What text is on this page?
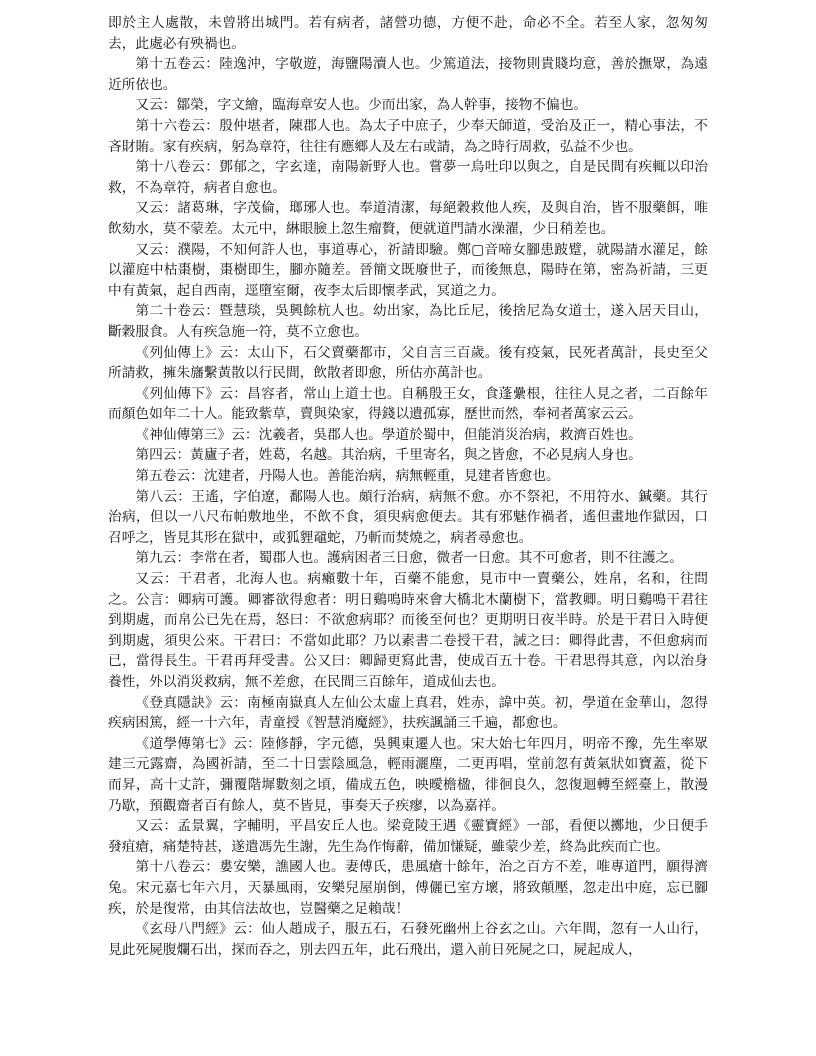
即於主人處散，未曾將出城門。若有病者，諸營功德，方便不赴，命必不全。若至人家，忽匆匆去，此處必有殃禍也。

第十五卷云：陸逸沖，字敬遊，海鹽陽瀆人也。少篤道法，接物則貴賤均意，善於撫眾，為遠近所依也。

又云：鄒榮，字文繪，臨海章安人也。少而出家，為人幹事，接物不偏也。

第十六卷云：殷仲堪者，陳郡人也。為太子中庶子，少奉天師道，受治及正一，精心事法，不吝財賄。家有疾病，躬為章符，往往有應鄉人及左右或請，為之時行周救，弘益不少也。

第十八卷云：鄧郁之，字玄達，南陽新野人也。嘗夢一烏吐印以與之，自是民間有疾輒以印治救，不為章符，病者自愈也。

又云：諸葛琳，字茂倫，瑯琊人也。奉道清潔，每絕穀救他人疾，及與自治，皆不服藥餌，唯飲劾水，莫不蒙差。太元中，綝眼臉上忽生瘤贅，便就道門請水澡濯，少日稍差也。

又云：濮陽，不知何許人也，事道專心，祈請即驗。鄭▢音啼女腳患跛躄，就陽請水灌足，餘以灌庭中枯棗樹，棗樹即生，腳亦隨差。晉簡文既廢世子，而後無息，陽時在第，密為祈請，三更中有黃氣，起自西南，逕墮室爾，夜李太后即懷孝武，冥道之力。

第二十卷云：暨慧琰，吳興餘杭人也。幼出家，為比丘尼，後捨尼為女道士，遂入居天目山，斷穀服食。人有疾急施一符，莫不立愈也。

《列仙傳上》云：太山下，石父賣藥都市，父自言三百歲。後有疫氣，民死者萬計，長史至父所請救，擁朱旛繫黃散以行民間，飲散者即愈，所估亦萬計也。

《列仙傳下》云：昌容者，常山上道士也。自稱殷王女，食蓬纍根，往往人見之者，二百餘年而顏色如年二十人。能致紫草，賣與染家，得錢以遺孤寡，歷世而然，奉祠者萬家云云。

《神仙傳第三》云：沈羲者，吳郡人也。學道於蜀中，但能消災治病，救濟百姓也。

第四云：黃廬子者，姓葛，名越。其治病，千里寄名，與之皆愈，不必見病人身也。

第五卷云：沈建者，丹陽人也。善能治病，病無輕重，見建者皆愈也。

第八云：王遙，字伯遼，鄱陽人也。頗行治病，病無不愈。亦不祭祀，不用符水、鍼藥。其行治病，但以一八尺布帕敷地坐，不飲不食，須臾病愈便去。其有邪魅作禍者，遙但畫地作獄因，口召呼之，皆見其形在獄中，或狐貍黿蛇，乃斬而焚燒之，病者尋愈也。

第九云：李常在者，蜀郡人也。護病困者三日愈，微者一日愈。其不可愈者，則不往護之。

又云：干君者，北海人也。病癩數十年，百藥不能愈，見市中一賣藥公，姓帛，名和，往問之。公言：卿病可護。卿審欲得愈者：明日鷄鳴時來會大橋北木蘭樹下，當教卿。明日鷄鳴干君往到期處，而帛公已先在焉，怒曰：不欲愈病耶？而後至何也？更期明日夜半時。於是干君日入時便到期處，須臾公來。干君曰：不當如此耶？乃以素書二卷授干君，誡之曰：卿得此書，不但愈病而已，當得長生。干君再拜受書。公又曰：卿歸更寫此書，使成百五十卷。干君思得其意，內以治身養性，外以消災救病，無不差愈，在民間三百餘年，道成仙去也。

《登真隱訣》云：南極南嶽真人左仙公太虛上真君，姓赤，諱中英。初，學道在金華山，忽得疾病困篤，經一十六年，青童授《智慧消魔經》，扶疾諷誦三千遍，都愈也。

《道學傳第七》云：陸修靜，字元德，吳興東遷人也。宋大始七年四月，明帝不豫，先生率眾建三元露齋，為國祈請，至二十日雲陰風急，輕雨灑塵，二更再唱，堂前忽有黃氣狀如寶蓋，從下而昇，高十丈許，彌覆階墀數刻之頃，備成五色，映曖檐楹，徘徊良久，忽復迴轉至經臺上，散漫乃歇，預觀齋者百有餘人，莫不皆見，事奏天子疾瘳，以為嘉祥。

又云：孟景翼，字輔明，平昌安丘人也。梁竟陵王遇《靈寶經》一部，看便以擲地，少日便手發疽瘡，痛楚特甚，遂遣馮先生謝，先生為作悔辭，備加慊疑，雖蒙少差，終為此疾而亡也。

第十八卷云：婁安樂，譙國人也。妻傅氏，患風瘡十餘年，治之百方不差，唯專道門，願得濟兔。宋元嘉七年六月，天暴風雨，安樂兒屋崩倒，傅儷已室方壞，將致顛壓，忽走出中庭，忘已腳疾，於是復常，由其信法故也，豈醫藥之足賴哉！

《玄母八門經》云：仙人趙成子，服五石，石發死幽州上谷玄之山。六年間，忽有一人山行，見此死屍腹爛石出，探而吞之，別去四五年，此石飛出，還入前日死屍之口，屍起成人，
